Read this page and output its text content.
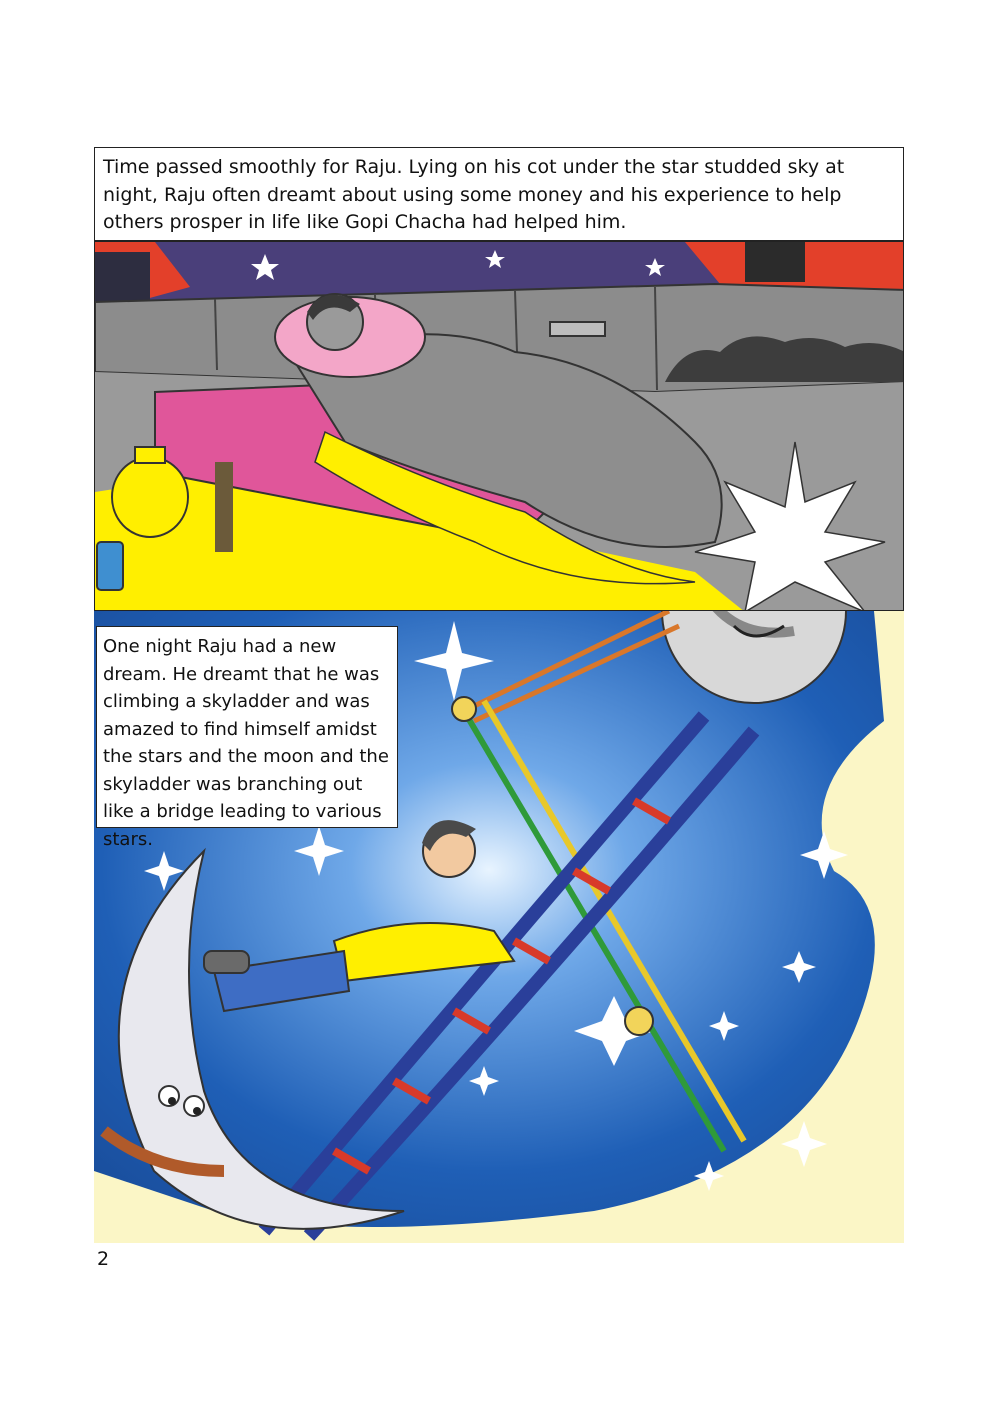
Time passed smoothly for Raju. Lying on his cot under the star studded sky at night, Raju often dreamt about using some money and his experience to help others prosper in life like Gopi Chacha had helped him.
One night Raju had a new dream. He dreamt that he was climbing a skyladder and was amazed to find himself amidst the stars and the moon and the skyladder was branching out like a bridge leading to various stars.
2
